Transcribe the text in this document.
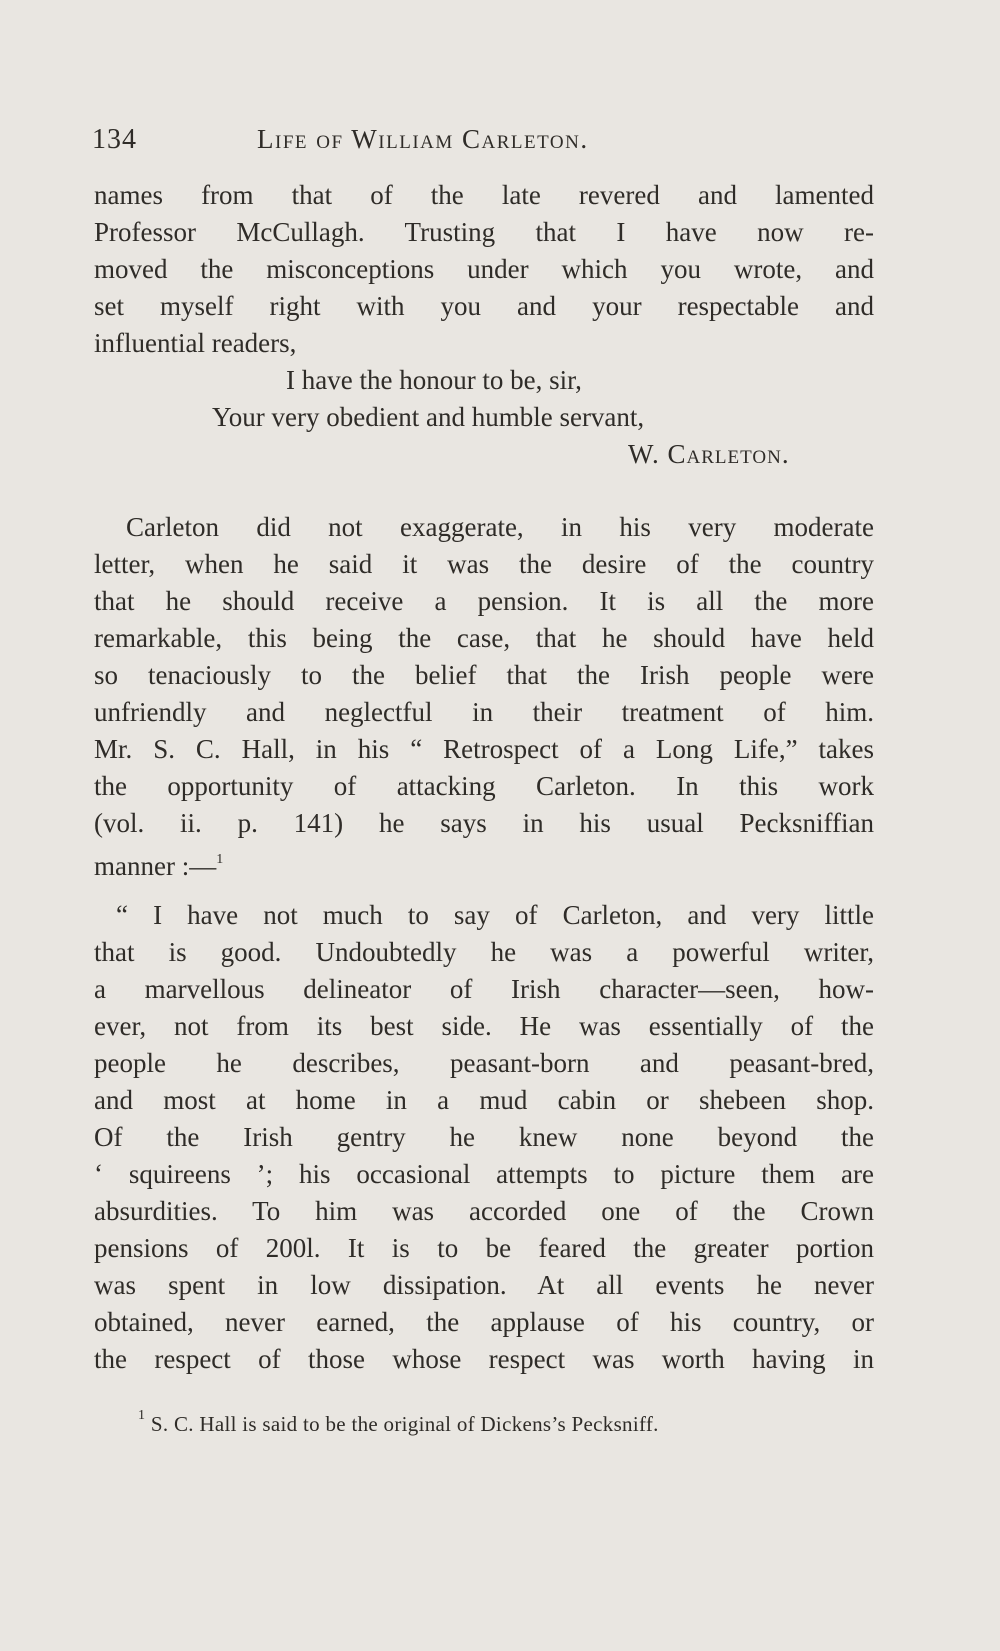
134	Life of William Carleton.
names from that of the late revered and lamented
Professor McCullagh. Trusting that I have now re-
moved the misconceptions under which you wrote, and
set myself right with you and your respectable and
influential readers,
I have the honour to be, sir,
Your very obedient and humble servant,
W. Carleton.
Carleton did not exaggerate, in his very moderate
letter, when he said it was the desire of the country
that he should receive a pension. It is all the more
remarkable, this being the case, that he should have held
so tenaciously to the belief that the Irish people were
unfriendly and neglectful in their treatment of him.
Mr. S. C. Hall, in his “ Retrospect of a Long Life,” takes
the opportunity of attacking Carleton. In this work
(vol. ii. p. 141) he says in his usual Pecksniffian
manner :—$^1$
“ I have not much to say of Carleton, and very little
that is good. Undoubtedly he was a powerful writer,
a marvellous delineator of Irish character—seen, how-
ever, not from its best side. He was essentially of the
people he describes, peasant-born and peasant-bred,
and most at home in a mud cabin or shebeen shop.
Of the Irish gentry he knew none beyond the
‘ squireens ’; his occasional attempts to picture them are
absurdities. To him was accorded one of the Crown
pensions of 200l. It is to be feared the greater portion
was spent in low dissipation. At all events he never
obtained, never earned, the applause of his country, or
the respect of those whose respect was worth having in
$^1$ S. C. Hall is said to be the original of Dickens’s Pecksniff.
